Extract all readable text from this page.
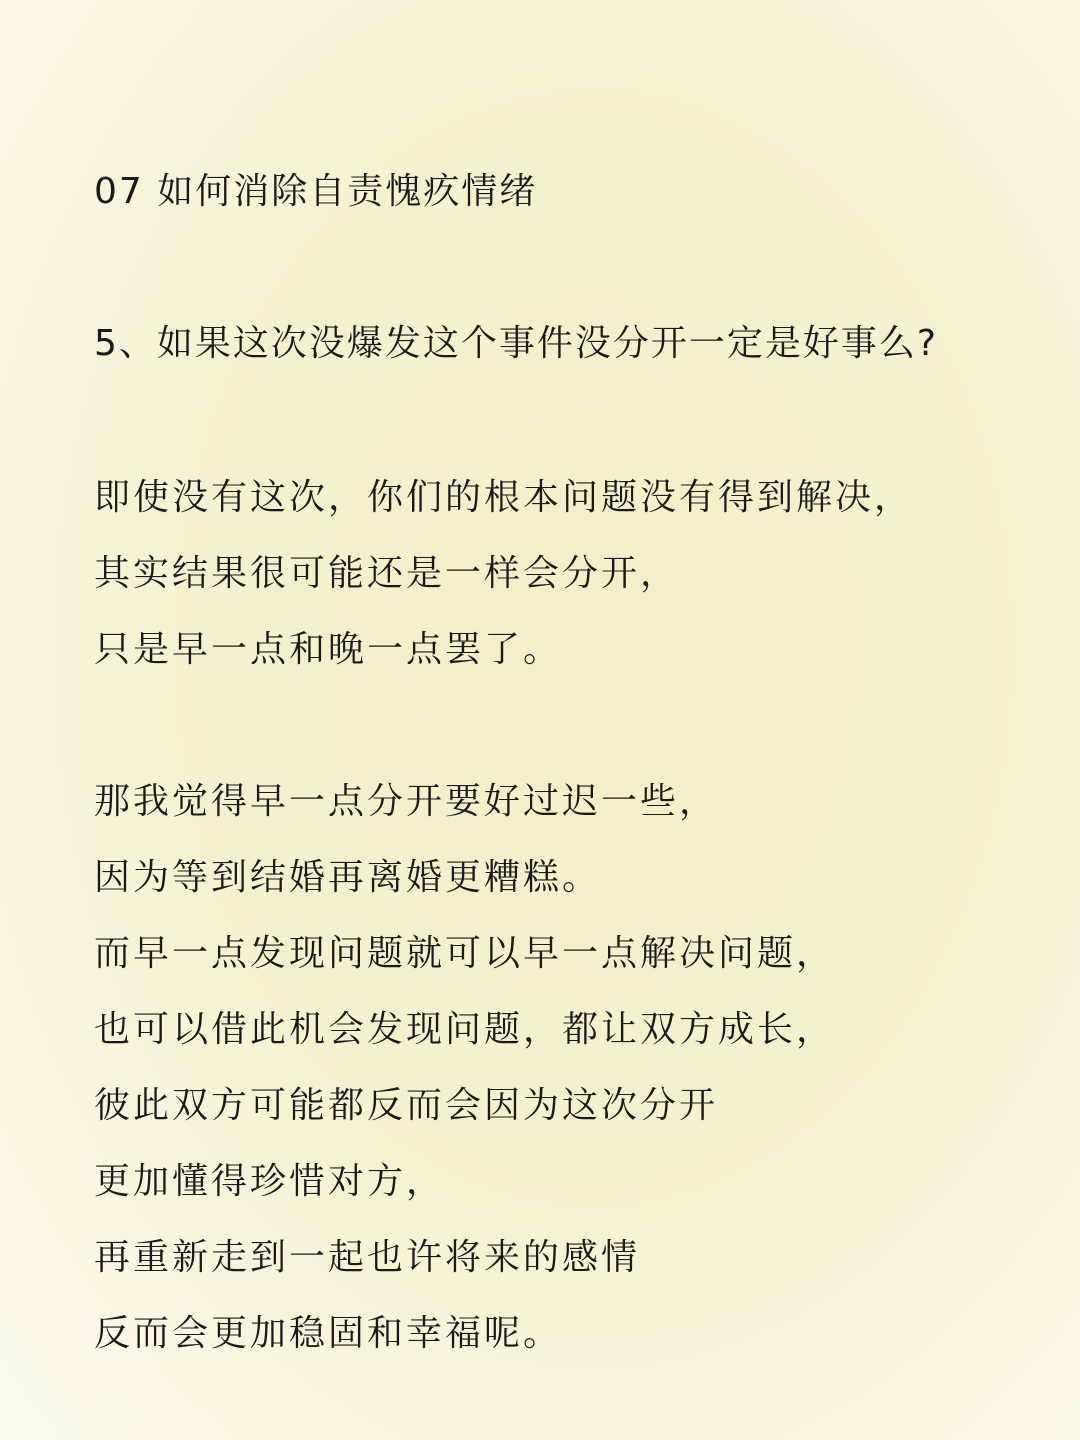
07 如何消除自责愧疚情绪
5、如果这次没爆发这个事件没分开一定是好事么?
即使没有这次，你们的根本问题没有得到解决，
其实结果很可能还是一样会分开，
只是早一点和晚一点罢了。
那我觉得早一点分开要好过迟一些，
因为等到结婚再离婚更糟糕。
而早一点发现问题就可以早一点解决问题，
也可以借此机会发现问题，都让双方成长，
彼此双方可能都反而会因为这次分开
更加懂得珍惜对方，
再重新走到一起也许将来的感情
反而会更加稳固和幸福呢。
